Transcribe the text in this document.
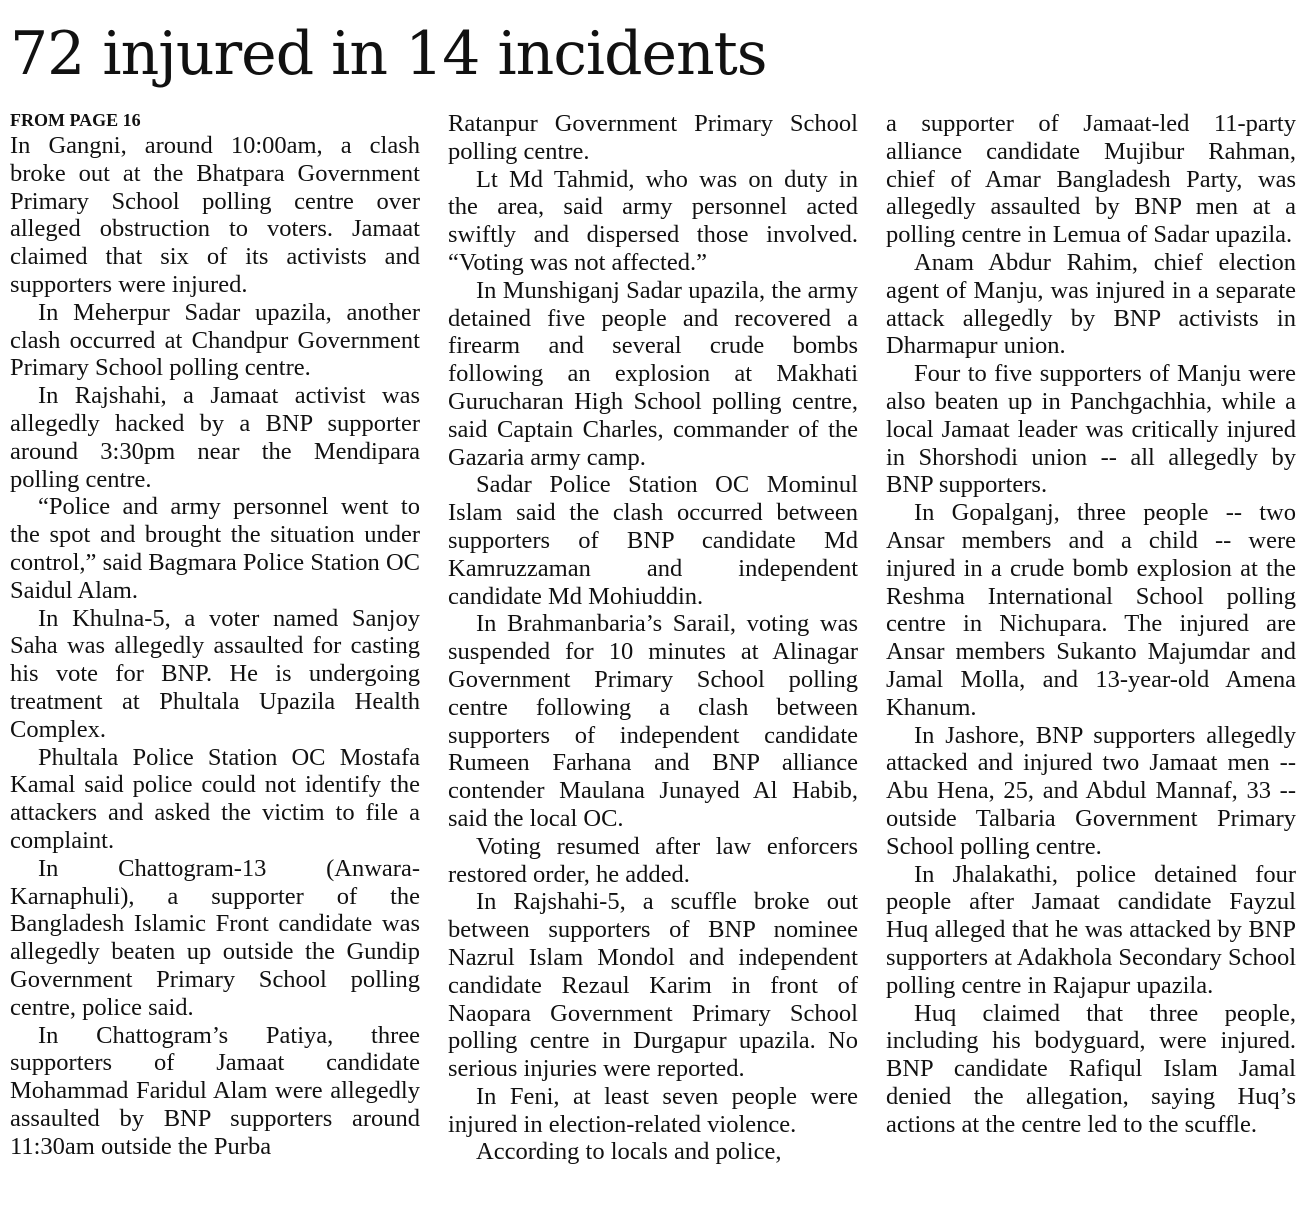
72 injured in 14 incidents
FROM PAGE 16

In Gangni, around 10:00am, a clash broke out at the Bhatpara Government Primary School polling centre over alleged obstruction to voters. Jamaat claimed that six of its activists and supporters were injured.

In Meherpur Sadar upazila, another clash occurred at Chandpur Government Primary School polling centre.

In Rajshahi, a Jamaat activist was allegedly hacked by a BNP supporter around 3:30pm near the Mendipara polling centre.

“Police and army personnel went to the spot and brought the situation under control,” said Bagmara Police Station OC Saidul Alam.

In Khulna-5, a voter named Sanjoy Saha was allegedly assaulted for casting his vote for BNP. He is undergoing treatment at Phultala Upazila Health Complex.

Phultala Police Station OC Mostafa Kamal said police could not identify the attackers and asked the victim to file a complaint.

In Chattogram-13 (Anwara-Karnaphuli), a supporter of the Bangladesh Islamic Front candidate was allegedly beaten up outside the Gundip Government Primary School polling centre, police said.

In Chattogram’s Patiya, three supporters of Jamaat candidate Mohammad Faridul Alam were allegedly assaulted by BNP supporters around 11:30am outside the Purba

Ratanpur Government Primary School polling centre.

Lt Md Tahmid, who was on duty in the area, said army personnel acted swiftly and dispersed those involved. “Voting was not affected.”

In Munshiganj Sadar upazila, the army detained five people and recovered a firearm and several crude bombs following an explosion at Makhati Gurucharan High School polling centre, said Captain Charles, commander of the Gazaria army camp.

Sadar Police Station OC Mominul Islam said the clash occurred between supporters of BNP candidate Md Kamruzzaman and independent candidate Md Mohiuddin.

In Brahmanbaria’s Sarail, voting was suspended for 10 minutes at Alinagar Government Primary School polling centre following a clash between supporters of independent candidate Rumeen Farhana and BNP alliance contender Maulana Junayed Al Habib, said the local OC.

Voting resumed after law enforcers restored order, he added.

In Rajshahi-5, a scuffle broke out between supporters of BNP nominee Nazrul Islam Mondol and independent candidate Rezaul Karim in front of Naopara Government Primary School polling centre in Durgapur upazila. No serious injuries were reported.

In Feni, at least seven people were injured in election-related violence.

According to locals and police,

a supporter of Jamaat-led 11-party alliance candidate Mujibur Rahman, chief of Amar Bangladesh Party, was allegedly assaulted by BNP men at a polling centre in Lemua of Sadar upazila.

Anam Abdur Rahim, chief election agent of Manju, was injured in a separate attack allegedly by BNP activists in Dharmapur union.

Four to five supporters of Manju were also beaten up in Panchgachhia, while a local Jamaat leader was critically injured in Shorshodi union -- all allegedly by BNP supporters.

In Gopalganj, three people -- two Ansar members and a child -- were injured in a crude bomb explosion at the Reshma International School polling centre in Nichupara. The injured are Ansar members Sukanto Majumdar and Jamal Molla, and 13-year-old Amena Khanum.

In Jashore, BNP supporters allegedly attacked and injured two Jamaat men -- Abu Hena, 25, and Abdul Mannaf, 33 -- outside Talbaria Government Primary School polling centre.

In Jhalakathi, police detained four people after Jamaat candidate Fayzul Huq alleged that he was attacked by BNP supporters at Adakhola Secondary School polling centre in Rajapur upazila.

Huq claimed that three people, including his bodyguard, were injured. BNP candidate Rafiqul Islam Jamal denied the allegation, saying Huq’s actions at the centre led to the scuffle.
